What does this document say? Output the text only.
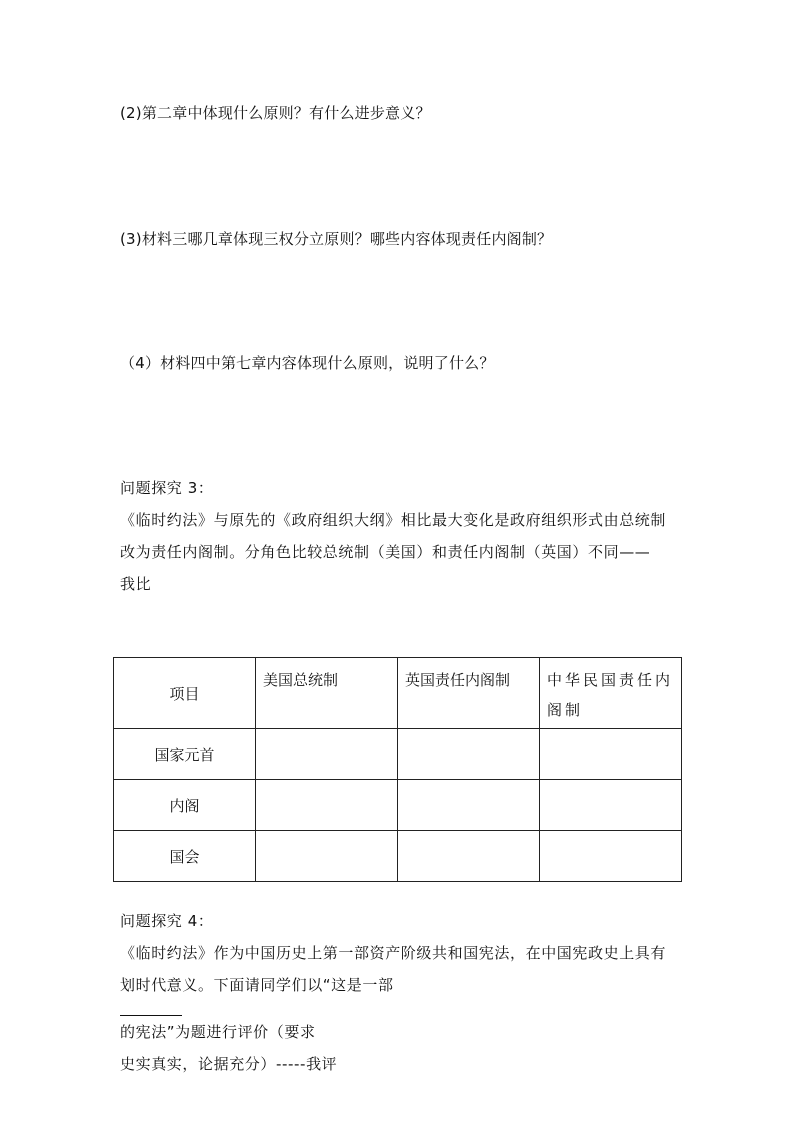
(2)第二章中体现什么原则？有什么进步意义？
(3)材料三哪几章体现三权分立原则？哪些内容体现责任内阁制？
（4）材料四中第七章内容体现什么原则，说明了什么？
问题探究 3：
《临时约法》与原先的《政府组织大纲》相比最大变化是政府组织形式由总统制
改为责任内阁制。分角色比较总统制（美国）和责任内阁制（英国）不同——
我比
项目	美国总统制	英国责任内阁制	中华民国责任内
阁制

国家元首			
内阁			
国会			
问题探究 4：
《临时约法》作为中国历史上第一部资产阶级共和国宪法，在中国宪政史上具有
划时代意义。下面请同学们以“这是一部
的宪法”为题进行评价（要求
史实真实，论据充分）-----我评
